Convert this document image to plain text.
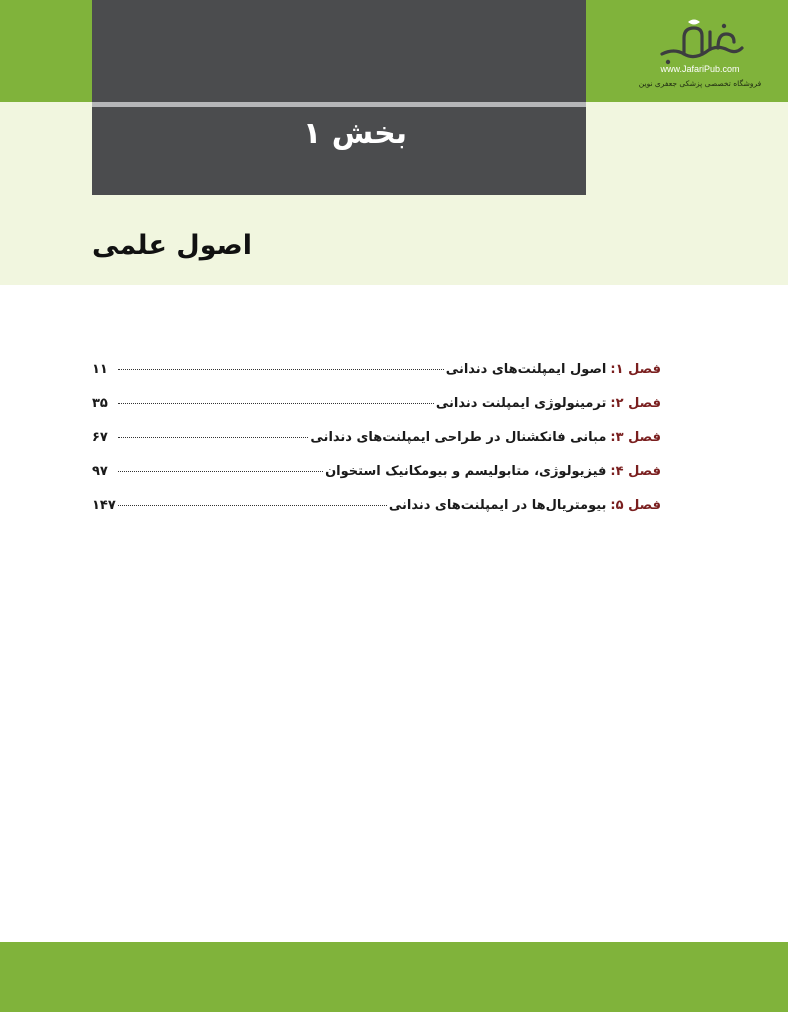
بخش ۱
اصول علمی
www.JafariPub.com
فروشگاه تخصصی پزشکی جعفری نوین
فصل ۱:
اصول ایمپلنت‌های دندانی
۱۱
فصل ۲:
ترمینولوژی ایمپلنت دندانی
۳۵
فصل ۳:
مبانی فانکشنال در طراحی ایمپلنت‌های دندانی
۶۷
فصل ۴:
فیزیولوژی، متابولیسم و بیومکانیک استخوان
۹۷
فصل ۵:
بیومتریال‌ها در ایمپلنت‌های دندانی
۱۴۷
